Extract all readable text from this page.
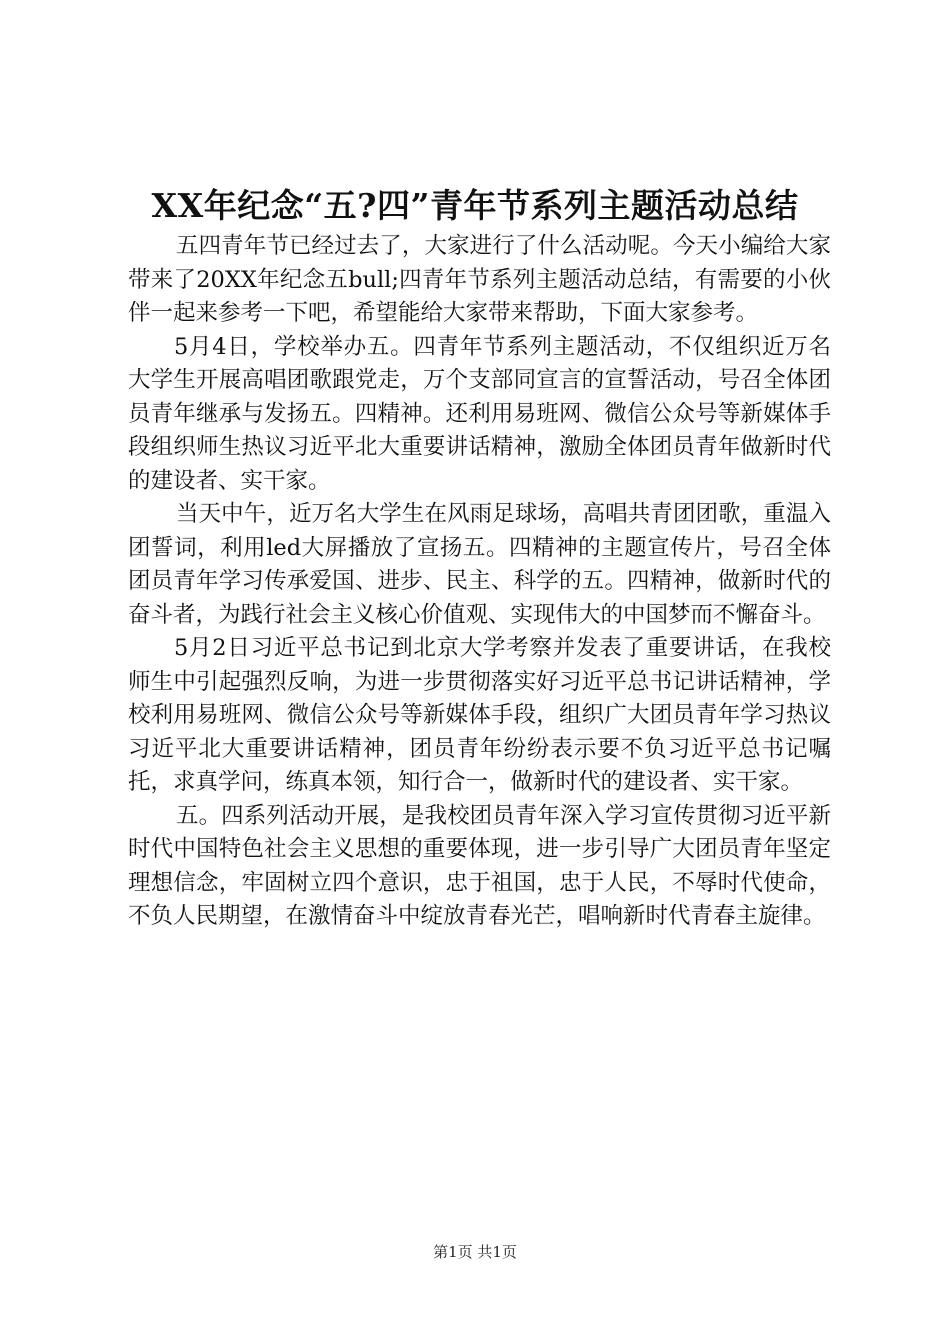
XX年纪念“五?四”青年节系列主题活动总结

五四青年节已经过去了，大家进行了什么活动呢。今天小编给大家带来了20XX年纪念五bull;四青年节系列主题活动总结，有需要的小伙伴一起来参考一下吧，希望能给大家带来帮助，下面大家参考。

5月4日，学校举办五。四青年节系列主题活动，不仅组织近万名大学生开展高唱团歌跟党走，万个支部同宣言的宣誓活动，号召全体团员青年继承与发扬五。四精神。还利用易班网、微信公众号等新媒体手段组织师生热议习近平北大重要讲话精神，激励全体团员青年做新时代的建设者、实干家。

当天中午，近万名大学生在风雨足球场，高唱共青团团歌，重温入团誓词，利用led大屏播放了宣扬五。四精神的主题宣传片，号召全体团员青年学习传承爱国、进步、民主、科学的五。四精神，做新时代的奋斗者，为践行社会主义核心价值观、实现伟大的中国梦而不懈奋斗。

5月2日习近平总书记到北京大学考察并发表了重要讲话，在我校师生中引起强烈反响，为进一步贯彻落实好习近平总书记讲话精神，学校利用易班网、微信公众号等新媒体手段，组织广大团员青年学习热议习近平北大重要讲话精神，团员青年纷纷表示要不负习近平总书记嘱托，求真学问，练真本领，知行合一，做新时代的建设者、实干家。

五。四系列活动开展，是我校团员青年深入学习宣传贯彻习近平新时代中国特色社会主义思想的重要体现，进一步引导广大团员青年坚定理想信念，牢固树立四个意识，忠于祖国，忠于人民，不辱时代使命，不负人民期望，在激情奋斗中绽放青春光芒，唱响新时代青春主旋律。

第1页 共1页
